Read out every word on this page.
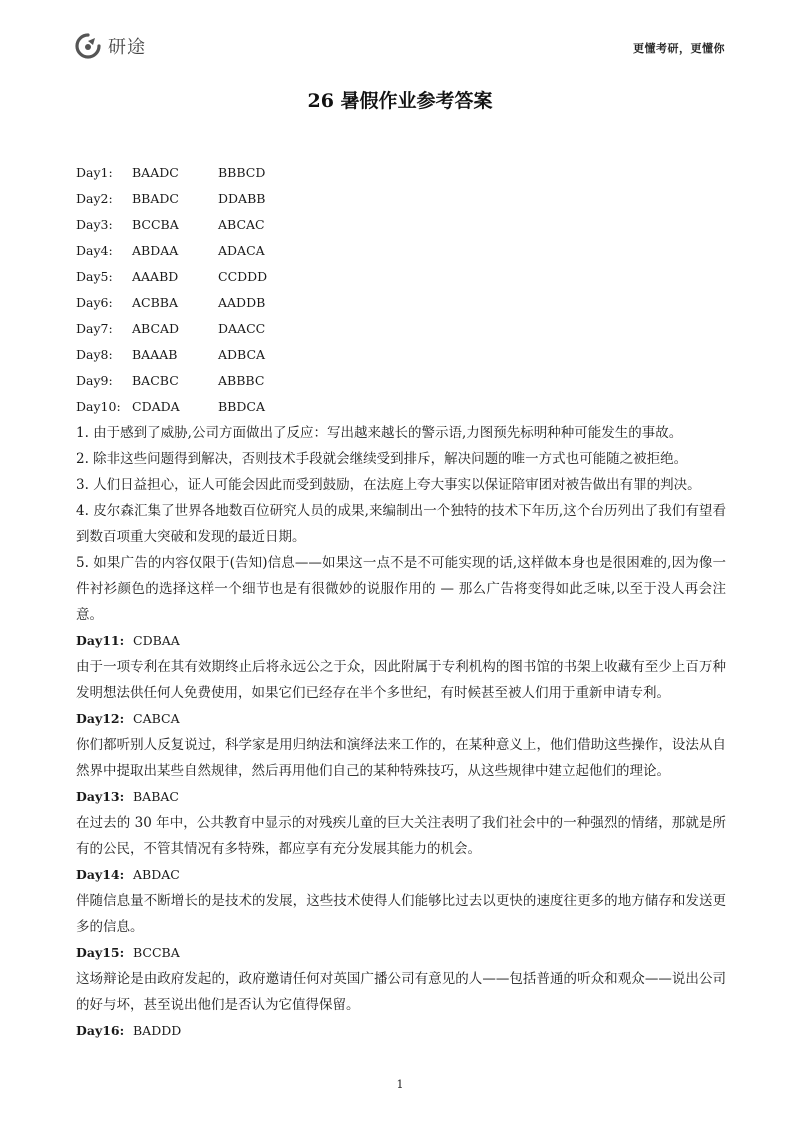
研途	更懂考研，更懂你
26 暑假作业参考答案
Day1:	BAADC	BBBCD
Day2:	BBADC	DDABB
Day3:	BCCBA	ABCAC
Day4:	ABDAA	ADACA
Day5:	AAABD	CCDDD
Day6:	ACBBA	AADDB
Day7:	ABCAD	DAACC
Day8:	BAAAB	ADBCA
Day9:	BACBC	ABBBC
Day10: CDADA	BBDCA
1. 由于感到了威胁,公司方面做出了反应：写出越来越长的警示语,力图预先标明种种可能发生的事故。
2. 除非这些问题得到解决，否则技术手段就会继续受到排斥，解决问题的唯一方式也可能随之被拒绝。
3. 人们日益担心，证人可能会因此而受到鼓励，在法庭上夸大事实以保证陪审团对被告做出有罪的判决。
4. 皮尔森汇集了世界各地数百位研究人员的成果,来编制出一个独特的技术下年历,这个台历列出了我们有望看到数百项重大突破和发现的最近日期。
5. 如果广告的内容仅限于(告知)信息——如果这一点不是不可能实现的话,这样做本身也是很困难的,因为像一件衬衫颜色的选择这样一个细节也是有很微妙的说服作用的 — 那么广告将变得如此乏味,以至于没人再会注意。
Day11: CDBAA
由于一项专利在其有效期终止后将永远公之于众，因此附属于专利机构的图书馆的书架上收藏有至少上百万种发明想法供任何人免费使用，如果它们已经存在半个多世纪，有时候甚至被人们用于重新申请专利。
Day12: CABCA
你们都听别人反复说过，科学家是用归纳法和演绎法来工作的，在某种意义上，他们借助这些操作，设法从自然界中提取出某些自然规律，然后再用他们自己的某种特殊技巧，从这些规律中建立起他们的理论。
Day13: BABAC
在过去的 30 年中，公共教育中显示的对残疾儿童的巨大关注表明了我们社会中的一种强烈的情绪，那就是所有的公民，不管其情况有多特殊，都应享有充分发展其能力的机会。
Day14: ABDAC
伴随信息量不断增长的是技术的发展，这些技术使得人们能够比过去以更快的速度往更多的地方储存和发送更多的信息。
Day15: BCCBA
这场辩论是由政府发起的，政府邀请任何对英国广播公司有意见的人——包括普通的听众和观众——说出公司的好与坏，甚至说出他们是否认为它值得保留。
Day16: BADDD
1
